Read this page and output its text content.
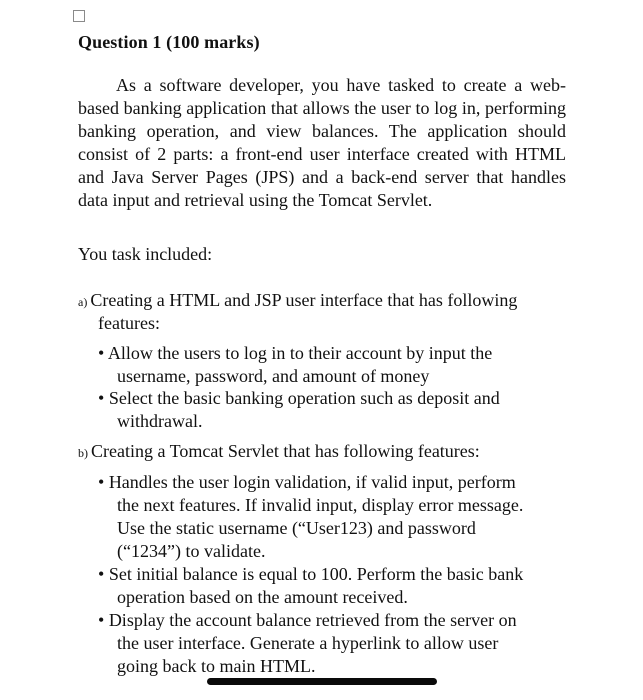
Question 1 (100 marks)
As a software developer, you have tasked to create a web-based banking application that allows the user to log in, performing banking operation, and view balances. The application should consist of 2 parts: a front-end user interface created with HTML and Java Server Pages (JPS) and a back-end server that handles data input and retrieval using the Tomcat Servlet.
You task included:
a) Creating a HTML and JSP user interface that has following
features:
• Allow the users to log in to their account by input the
username, password, and amount of money
• Select the basic banking operation such as deposit and
withdrawal.
b) Creating a Tomcat Servlet that has following features:
• Handles the user login validation, if valid input, perform
the next features. If invalid input, display error message.
Use the static username (“User123) and password
(“1234”) to validate.
• Set initial balance is equal to 100. Perform the basic bank
operation based on the amount received.
• Display the account balance retrieved from the server on
the user interface. Generate a hyperlink to allow user
going back to main HTML.
